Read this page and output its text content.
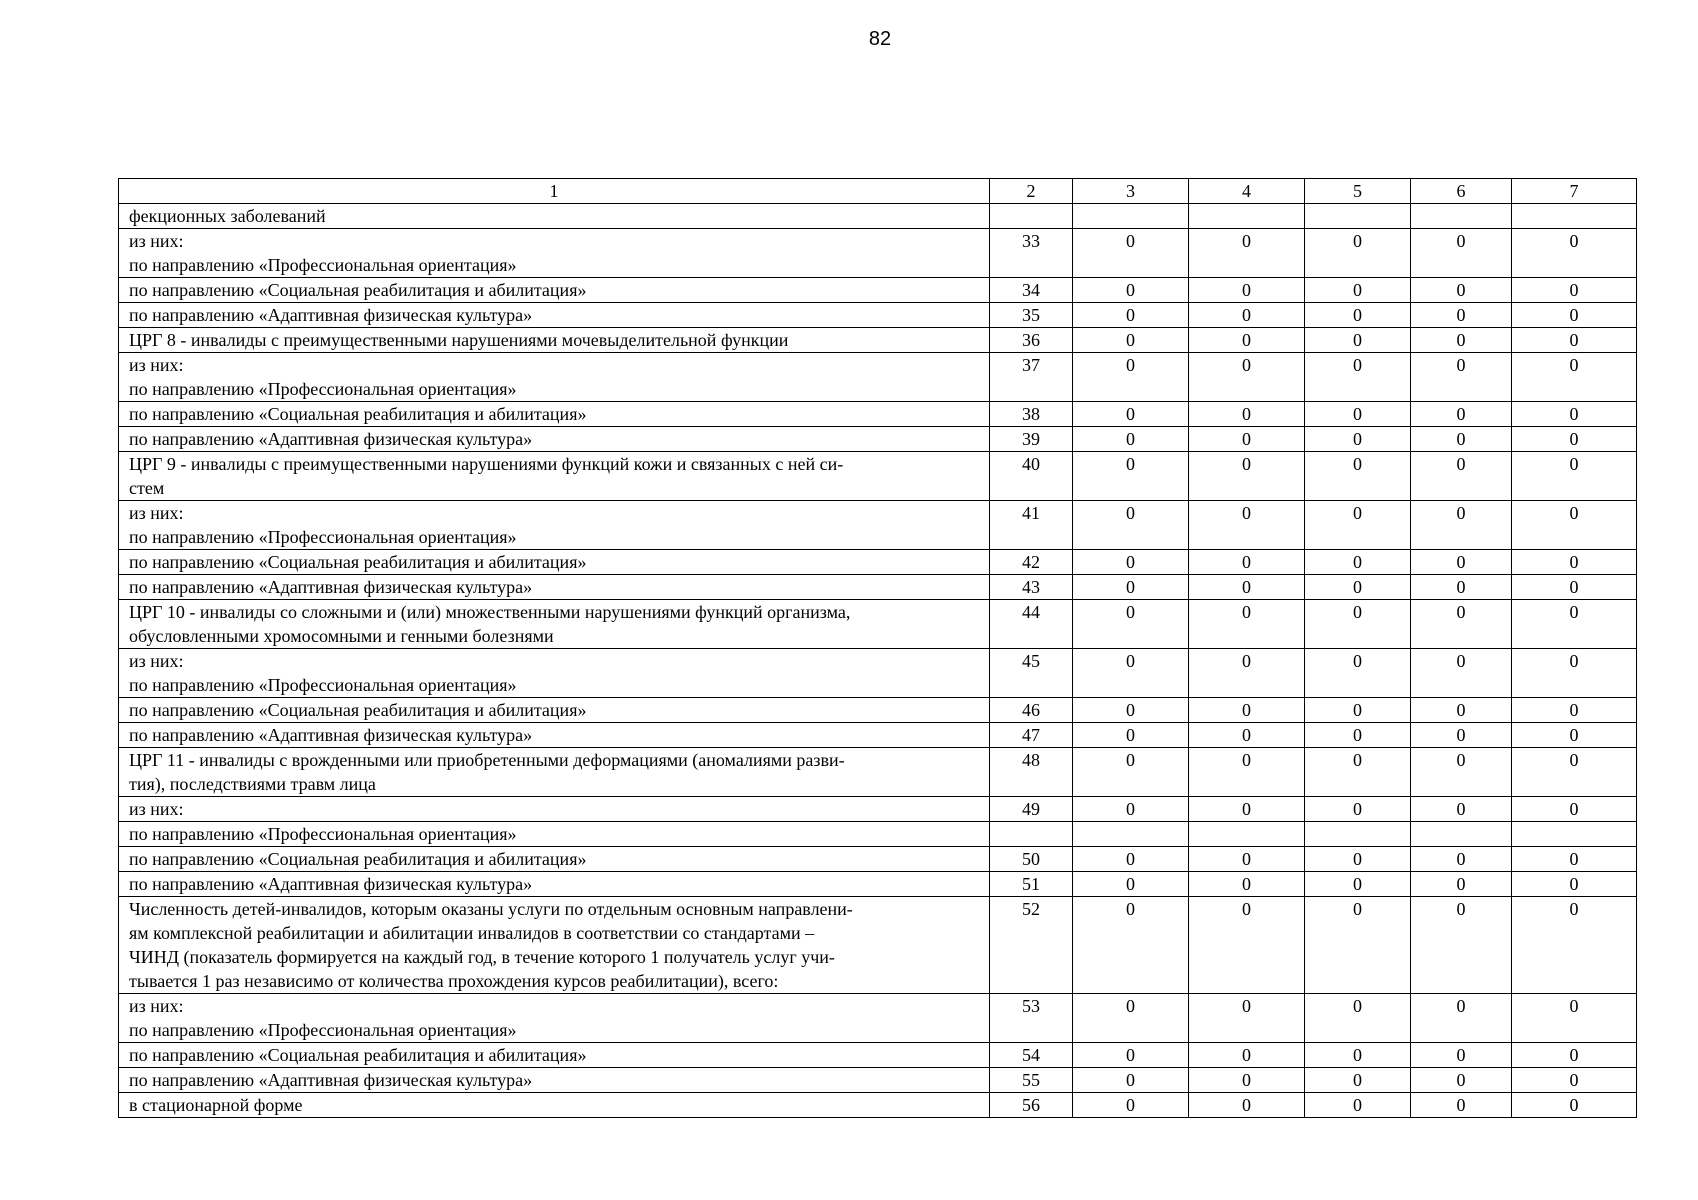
82
1	2	3	4	5	6	7

фекционных заболеваний						

из них:
по направлению «Профессиональная ориентация»	33	0	0	0	0	0

по направлению «Социальная реабилитация и абилитация»	34	0	0	0	0	0

по направлению «Адаптивная физическая культура»	35	0	0	0	0	0

ЦРГ 8 - инвалиды с преимущественными нарушениями мочевыделительной функции	36	0	0	0	0	0

из них:
по направлению «Профессиональная ориентация»	37	0	0	0	0	0

по направлению «Социальная реабилитация и абилитация»	38	0	0	0	0	0

по направлению «Адаптивная физическая культура»	39	0	0	0	0	0

ЦРГ 9 - инвалиды с преимущественными нарушениями функций кожи и связанных с ней си-
стем	40	0	0	0	0	0

из них:
по направлению «Профессиональная ориентация»	41	0	0	0	0	0

по направлению «Социальная реабилитация и абилитация»	42	0	0	0	0	0

по направлению «Адаптивная физическая культура»	43	0	0	0	0	0

ЦРГ 10 - инвалиды со сложными и (или) множественными нарушениями функций организма,
обусловленными хромосомными и генными болезнями	44	0	0	0	0	0

из них:
по направлению «Профессиональная ориентация»	45	0	0	0	0	0

по направлению «Социальная реабилитация и абилитация»	46	0	0	0	0	0

по направлению «Адаптивная физическая культура»	47	0	0	0	0	0

ЦРГ 11 - инвалиды с врожденными или приобретенными деформациями (аномалиями разви-
тия), последствиями травм лица	48	0	0	0	0	0

из них:	49	0	0	0	0	0

по направлению «Профессиональная ориентация»						

по направлению «Социальная реабилитация и абилитация»	50	0	0	0	0	0

по направлению «Адаптивная физическая культура»	51	0	0	0	0	0

Численность детей-инвалидов, которым оказаны услуги по отдельным основным направлени-
ям комплексной реабилитации и абилитации инвалидов в соответствии со стандартами –
ЧИНД (показатель формируется на каждый год, в течение которого 1 получатель услуг учи-
тывается 1 раз независимо от количества прохождения курсов реабилитации), всего:	52	0	0	0	0	0

из них:
по направлению «Профессиональная ориентация»	53	0	0	0	0	0

по направлению «Социальная реабилитация и абилитация»	54	0	0	0	0	0

по направлению «Адаптивная физическая культура»	55	0	0	0	0	0

в стационарной форме	56	0	0	0	0	0
